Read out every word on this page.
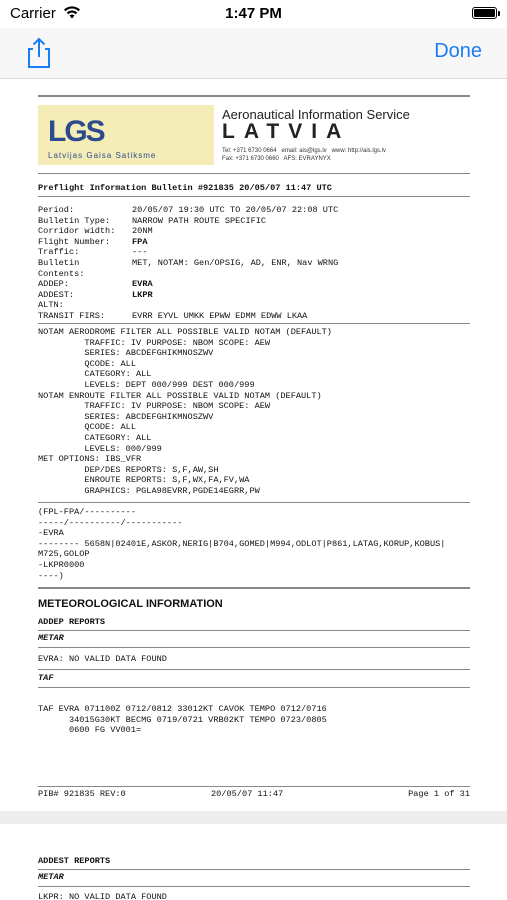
Carrier	1:47 PM
Done
LGS
Latvijas Gaisa Satiksme
Aeronautical Information Service
LATVIA
Tel: +371 6730 0664   email: ais@lgs.lv   www: http://ais.lgs.lv
Fax: +371 6730 0660   AFS: EVRAYNYX
Preflight Information Bulletin #921835 20/05/07 11:47 UTC
Period:	20/05/07 19:30 UTC TO 20/05/07 22:08 UTC
Bulletin Type:	NARROW PATH ROUTE SPECIFIC
Corridor width: 20NM
Flight Number:	FPA
Traffic:	---
Bulletin	MET, NOTAM: Gen/OPSIG, AD, ENR, Nav WRNG
Contents:
ADDEP:	EVRA
ADDEST:	LKPR
ALTN:
TRANSIT FIRS:	EVRR EYVL UMKK EPWW EDMM EDWW LKAA
NOTAM AERODROME FILTER ALL POSSIBLE VALID NOTAM (DEFAULT)
TRAFFIC: IV PURPOSE: NBOM SCOPE: AEW
SERIES: ABCDEFGHIKMNOSZWV
QCODE: ALL
CATEGORY: ALL
LEVELS: DEPT 000/999 DEST 000/999
NOTAM ENROUTE FILTER ALL POSSIBLE VALID NOTAM (DEFAULT)
TRAFFIC: IV PURPOSE: NBOM SCOPE: AEW
SERIES: ABCDEFGHIKMNOSZWV
QCODE: ALL
CATEGORY: ALL
LEVELS: 000/999
MET OPTIONS: IBS_VFR
DEP/DES REPORTS: S,F,AW,SH
ENROUTE REPORTS: S,F,WX,FA,FV,WA
GRAPHICS: PGLA98EVRR,PGDE14EGRR,PW
(FPL-FPA/----------
-----/----------/-----------
-EVRA
-------- 5658N|02401E,ASKOR,NERIG|B704,GOMED|M994,ODLOT|P861,LATAG,KORUP,KOBUS|
M725,GOLOP
-LKPR0000
----)
METEOROLOGICAL INFORMATION
ADDEP REPORTS
METAR
EVRA: NO VALID DATA FOUND
TAF
TAF EVRA 071100Z 0712/0812 33012KT CAVOK TEMPO 0712/0716
34015G30KT BECMG 0719/0721 VRB02KT TEMPO 0723/0805
0600 FG VV001=
PIB# 921835 REV:0	20/05/07 11:47	Page 1 of 31
ADDEST REPORTS
METAR
LKPR: NO VALID DATA FOUND
